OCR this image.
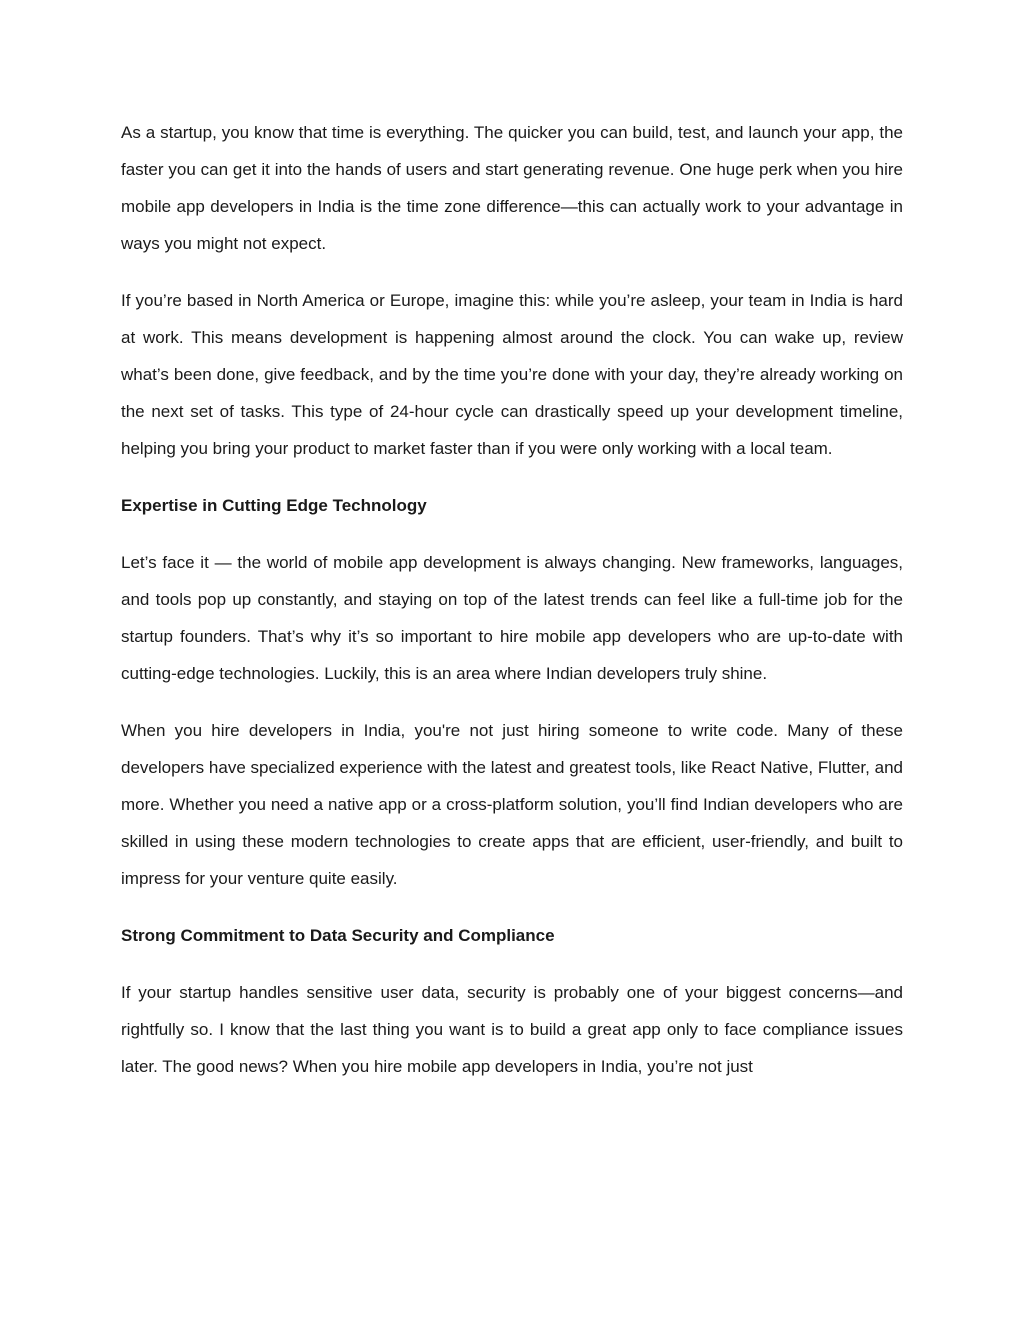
As a startup, you know that time is everything. The quicker you can build, test, and launch your app, the faster you can get it into the hands of users and start generating revenue. One huge perk when you hire mobile app developers in India is the time zone difference—this can actually work to your advantage in ways you might not expect.

If you’re based in North America or Europe, imagine this: while you’re asleep, your team in India is hard at work. This means development is happening almost around the clock. You can wake up, review what’s been done, give feedback, and by the time you’re done with your day, they’re already working on the next set of tasks. This type of 24-hour cycle can drastically speed up your development timeline, helping you bring your product to market faster than if you were only working with a local team.

Expertise in Cutting Edge Technology

Let’s face it — the world of mobile app development is always changing. New frameworks, languages, and tools pop up constantly, and staying on top of the latest trends can feel like a full-time job for the startup founders. That’s why it’s so important to hire mobile app developers who are up-to-date with cutting-edge technologies. Luckily, this is an area where Indian developers truly shine.

When you hire developers in India, you're not just hiring someone to write code. Many of these developers have specialized experience with the latest and greatest tools, like React Native, Flutter, and more. Whether you need a native app or a cross-platform solution, you’ll find Indian developers who are skilled in using these modern technologies to create apps that are efficient, user-friendly, and built to impress for your venture quite easily.

Strong Commitment to Data Security and Compliance

If your startup handles sensitive user data, security is probably one of your biggest concerns—and rightfully so. I know that the last thing you want is to build a great app only to face compliance issues later. The good news? When you hire mobile app developers in India, you’re not just
